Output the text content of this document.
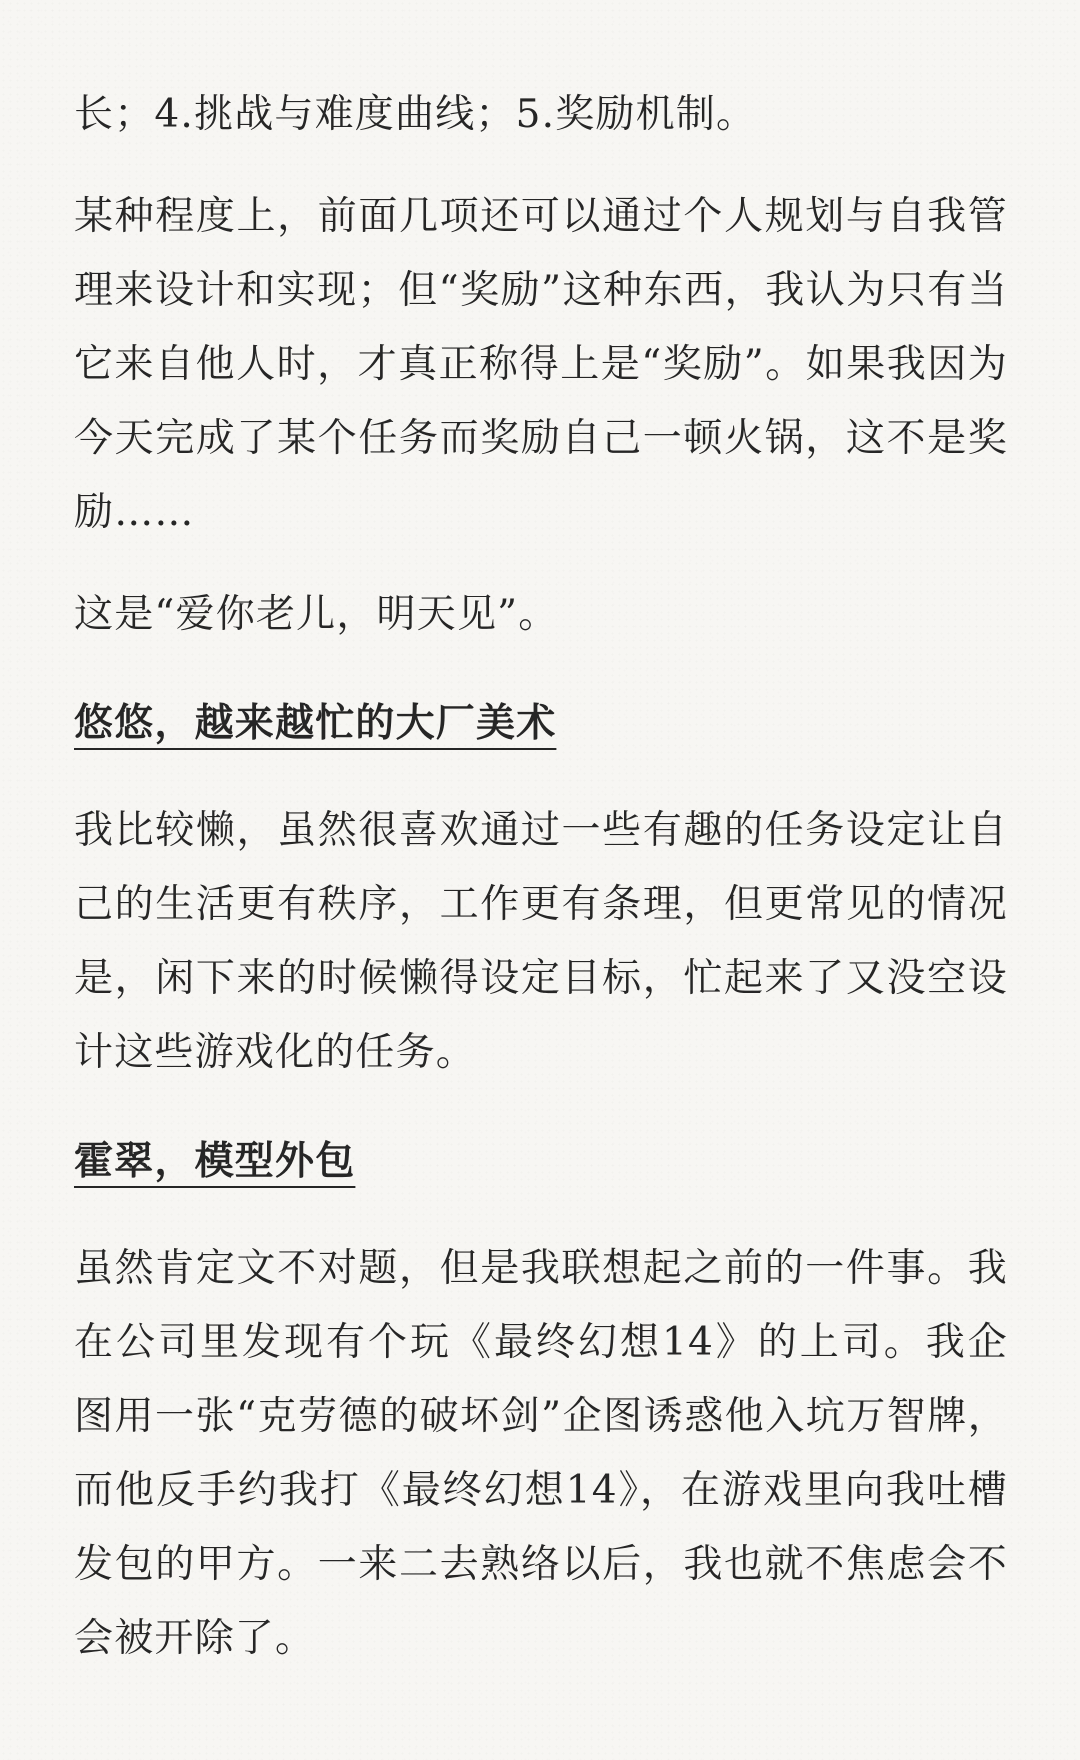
长；4.挑战与难度曲线；5.奖励机制。

某种程度上，前面几项还可以通过个人规划与自我管理来设计和实现；但“奖励”这种东西，我认为只有当它来自他人时，才真正称得上是“奖励”。如果我因为今天完成了某个任务而奖励自己一顿火锅，这不是奖励……

这是“爱你老儿，明天见”。

悠悠，越来越忙的大厂美术

我比较懒，虽然很喜欢通过一些有趣的任务设定让自己的生活更有秩序，工作更有条理，但更常见的情况是，闲下来的时候懒得设定目标，忙起来了又没空设计这些游戏化的任务。

霍翠，模型外包

虽然肯定文不对题，但是我联想起之前的一件事。我在公司里发现有个玩《最终幻想14》的上司。我企图用一张“克劳德的破坏剑”企图诱惑他入坑万智牌，而他反手约我打《最终幻想14》，在游戏里向我吐槽发包的甲方。一来二去熟络以后，我也就不焦虑会不会被开除了。
